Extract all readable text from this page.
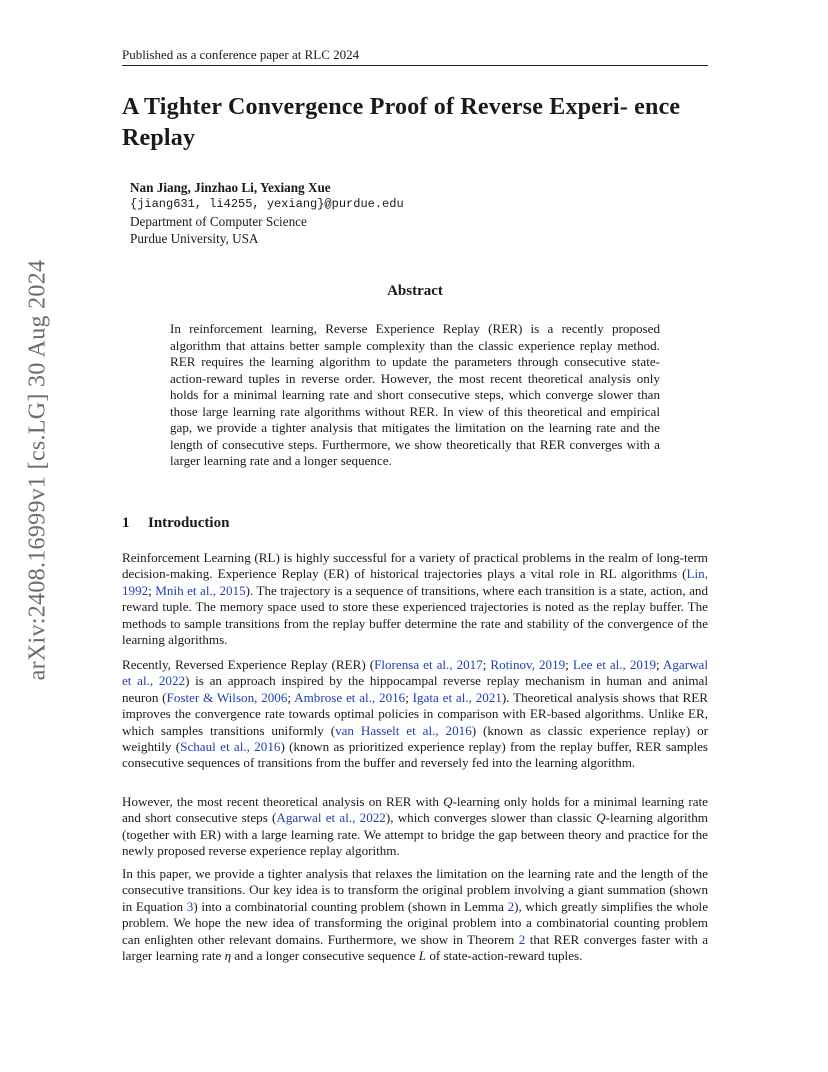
Published as a conference paper at RLC 2024
arXiv:2408.16999v1 [cs.LG] 30 Aug 2024
A Tighter Convergence Proof of Reverse Experi- ence Replay
Nan Jiang, Jinzhao Li, Yexiang Xue
{jiang631, li4255, yexiang}@purdue.edu
Department of Computer Science
Purdue University, USA
Abstract
In reinforcement learning, Reverse Experience Replay (RER) is a recently proposed algorithm that attains better sample complexity than the classic experience replay method. RER requires the learning algorithm to update the parameters through consecutive state-action-reward tuples in reverse order. However, the most recent theoretical analysis only holds for a minimal learning rate and short consecutive steps, which converge slower than those large learning rate algorithms without RER. In view of this theoretical and empirical gap, we provide a tighter analysis that mitigates the limitation on the learning rate and the length of consecutive steps. Furthermore, we show theoretically that RER converges with a larger learning rate and a longer sequence.
1 Introduction

Reinforcement Learning (RL) is highly successful for a variety of practical problems in the realm of long-term decision-making. Experience Replay (ER) of historical trajectories plays a vital role in RL algorithms (Lin, 1992; Mnih et al., 2015). The trajectory is a sequence of transitions, where each transition is a state, action, and reward tuple. The memory space used to store these experienced trajectories is noted as the replay buffer. The methods to sample transitions from the replay buffer determine the rate and stability of the convergence of the learning algorithms.

Recently, Reversed Experience Replay (RER) (Florensa et al., 2017; Rotinov, 2019; Lee et al., 2019; Agarwal et al., 2022) is an approach inspired by the hippocampal reverse replay mechanism in human and animal neuron (Foster & Wilson, 2006; Ambrose et al., 2016; Igata et al., 2021). Theoretical analysis shows that RER improves the convergence rate towards optimal policies in comparison with ER-based algorithms. Unlike ER, which samples transitions uniformly (van Hasselt et al., 2016) (known as classic experience replay) or weightily (Schaul et al., 2016) (known as prioritized experience replay) from the replay buffer, RER samples consecutive sequences of transitions from the buffer and reversely fed into the learning algorithm.

However, the most recent theoretical analysis on RER with Q-learning only holds for a minimal learning rate and short consecutive steps (Agarwal et al., 2022), which converges slower than classic Q-learning algorithm (together with ER) with a large learning rate. We attempt to bridge the gap between theory and practice for the newly proposed reverse experience replay algorithm.

In this paper, we provide a tighter analysis that relaxes the limitation on the learning rate and the length of the consecutive transitions. Our key idea is to transform the original problem involving a giant summation (shown in Equation 3) into a combinatorial counting problem (shown in Lemma 2), which greatly simplifies the whole problem. We hope the new idea of transforming the original problem into a combinatorial counting problem can enlighten other relevant domains. Furthermore, we show in Theorem 2 that RER converges faster with a larger learning rate η and a longer consecutive sequence L of state-action-reward tuples.
